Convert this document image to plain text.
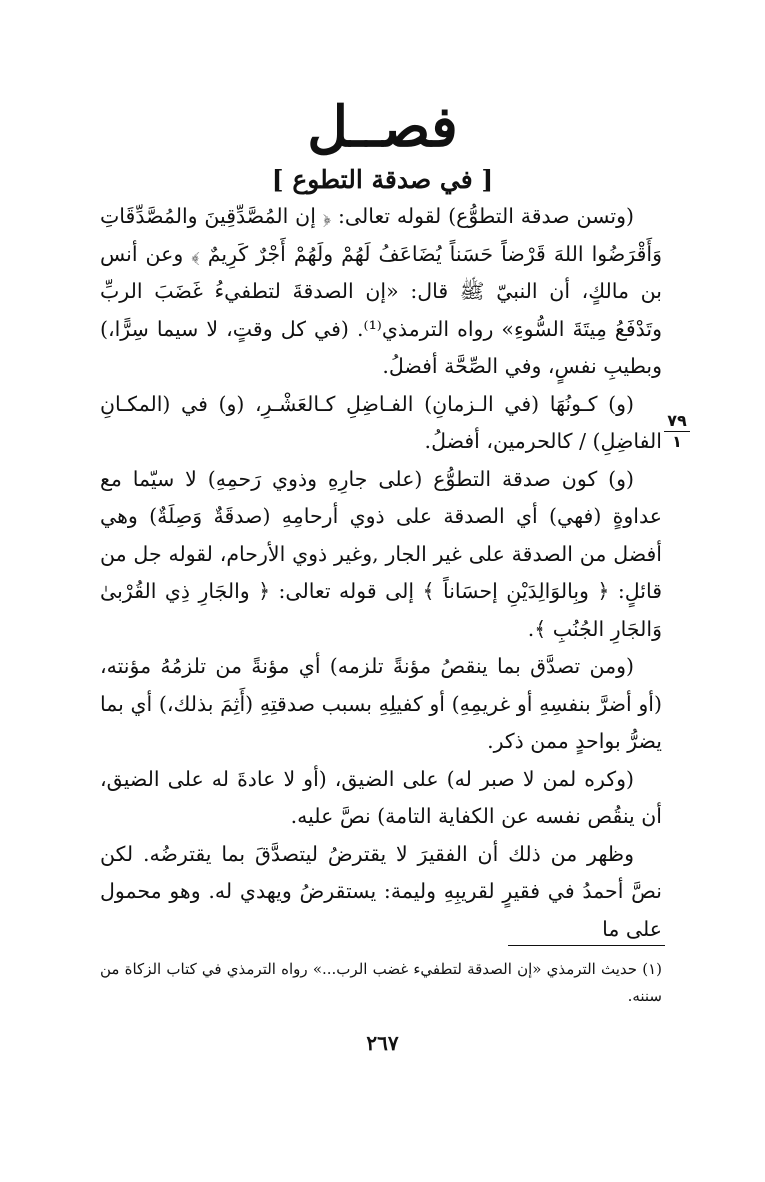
فصــل
[ في صدقة التطوع ]

(وتسن صدقة التطوُّع) لقوله تعالى: ﴿ إن المُصَّدِّقِينَ والمُصَّدِّقَاتِ وَأَقْرَضُوا اللهَ قَرْضاً حَسَناً يُضَاعَفُ لَهُمْ ولَهُمْ أَجْرٌ كَرِيمٌ ﴾ وعن أنس بن مالكٍ، أن النبيّ ﷺ قال: «إن الصدقةَ لتطفيءُ غَضَبَ الربِّ وتَدْفَعُ مِيتَةَ السُّوءِ» رواه الترمذي⁽¹⁾. (في كل وقتٍ، لا سيما سِرًّا،) وبطيبِ نفسٍ، وفي الصِّحَّة أفضلُ.

(و) كـونُهَا (في الـزمانِ) الفـاضِلِ كـالعَشْـرِ، (و) في (المكـانِ الفاضِلِ) / كالحرمين، أفضلُ.

(و) كون صدقة التطوُّع (على جارِهِ وذوي رَحمِهِ) لا سيّما مع عداوةٍ (فهي) أي الصدقة على ذوي أرحامِهِ (صدقَةٌ وَصِلَةٌ) وهي أفضل من الصدقة على غير الجار ,وغير ذوي الأرحام، لقوله جل من قائلٍ: ﴿ وبِالوَالِدَيْنِ إحسَاناً ﴾ إلى قوله تعالى: ﴿ والجَارِ ذِي القُرْبىٰ وَالجَارِ الجُنُبِ ﴾.

(ومن تصدَّق بما ينقصُ مؤنةً تلزمه) أي مؤنةً من تلزمُهُ مؤنته، (أو أضرَّ بنفسِهِ أو غريمِهِ) أو كفيلِهِ بسبب صدقتِهِ (أَثِمَ بذلك،) أي بما يضرُّ بواحدٍ ممن ذكر.

(وكره لمن لا صبر له) على الضيق، (أو لا عادةَ له على الضيق، أن ينقُص نفسه عن الكفاية التامة) نصَّ عليه.

وظهر من ذلك أن الفقيرَ لا يقترضُ ليتصدَّقَ بما يقترضُه. لكن نصَّ أحمدُ في فقيرٍ لقريبِهِ وليمة: يستقرضُ ويهدي له. وهو محمول على ما

٧٩
١
(١) حديث الترمذي «إن الصدقة لتطفيء غضب الرب...» رواه الترمذي في كتاب الزكاة من سننه.
٢٦٧
